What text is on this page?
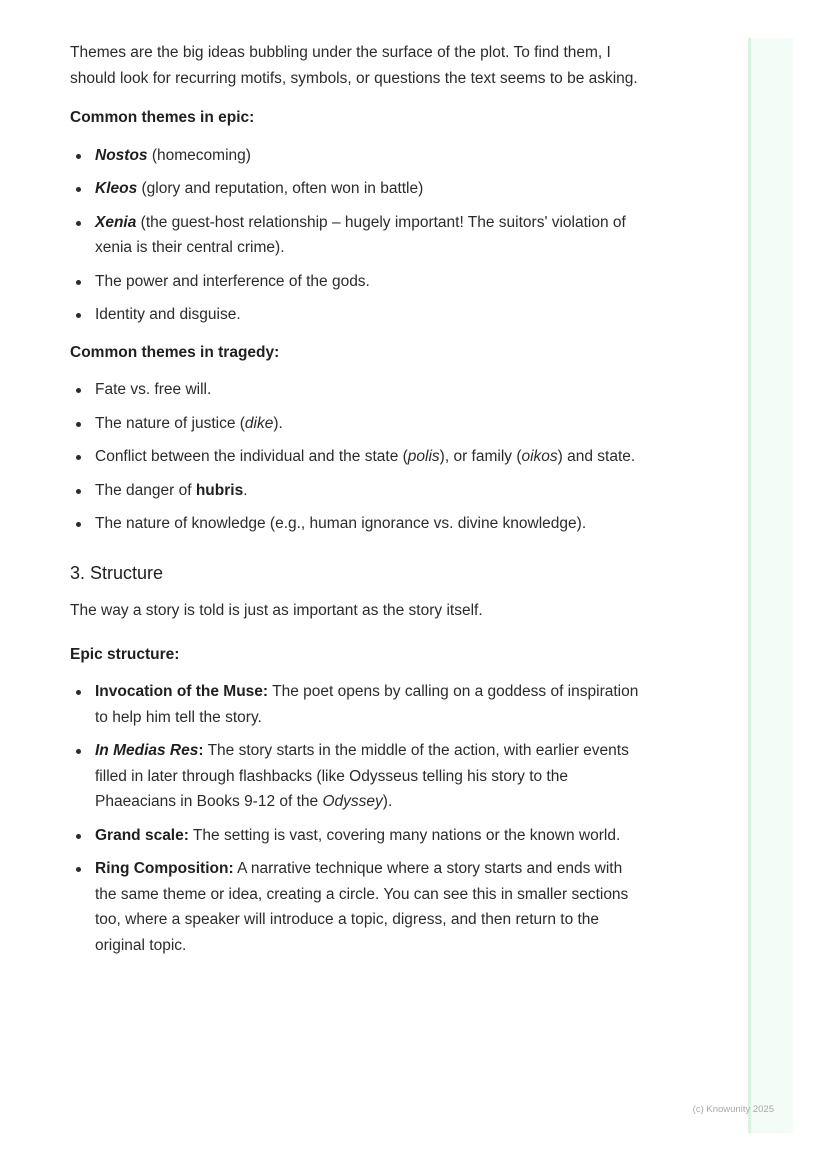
Themes are the big ideas bubbling under the surface of the plot. To find them, I should look for recurring motifs, symbols, or questions the text seems to be asking.

Common themes in epic:

Nostos (homecoming)
Kleos (glory and reputation, often won in battle)
Xenia (the guest-host relationship – hugely important! The suitors' violation of xenia is their central crime).
The power and interference of the gods.
Identity and disguise.

Common themes in tragedy:

Fate vs. free will.
The nature of justice (dike).
Conflict between the individual and the state (polis), or family (oikos) and state.
The danger of hubris.
The nature of knowledge (e.g., human ignorance vs. divine knowledge).
3. Structure

The way a story is told is just as important as the story itself.

Epic structure:

Invocation of the Muse: The poet opens by calling on a goddess of inspiration to help him tell the story.
In Medias Res: The story starts in the middle of the action, with earlier events filled in later through flashbacks (like Odysseus telling his story to the Phaeacians in Books 9-12 of the Odyssey).
Grand scale: The setting is vast, covering many nations or the known world.
Ring Composition: A narrative technique where a story starts and ends with the same theme or idea, creating a circle. You can see this in smaller sections too, where a speaker will introduce a topic, digress, and then return to the original topic.
(c) Knowunity 2025
